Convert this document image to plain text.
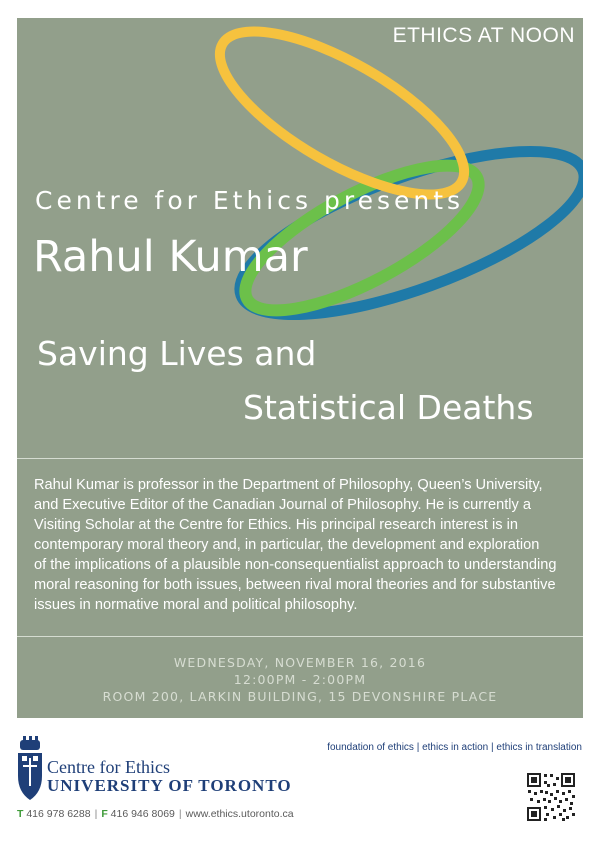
ETHICS AT NOON
Centre for Ethics presents
Rahul Kumar
Saving Lives and
Statistical Deaths
Rahul Kumar is professor in the Department of Philosophy, Queen’s University,
and Executive Editor of the Canadian Journal of Philosophy. He is currently a
Visiting Scholar at the Centre for Ethics. His principal research interest is in
contemporary moral theory and, in particular, the development and exploration
of the implications of a plausible non-consequentialist approach to understanding
moral reasoning for both issues, between rival moral theories and for substantive
issues in normative moral and political philosophy.
WEDNESDAY, NOVEMBER 16, 2016
12:00PM - 2:00PM
ROOM 200, LARKIN BUILDING, 15 DEVONSHIRE PLACE
foundation of ethics | ethics in action | ethics in translation
Centre for Ethics
UNIVERSITY OF TORONTO
T 416 978 6288 | F 416 946 8069 | www.ethics.utoronto.ca
